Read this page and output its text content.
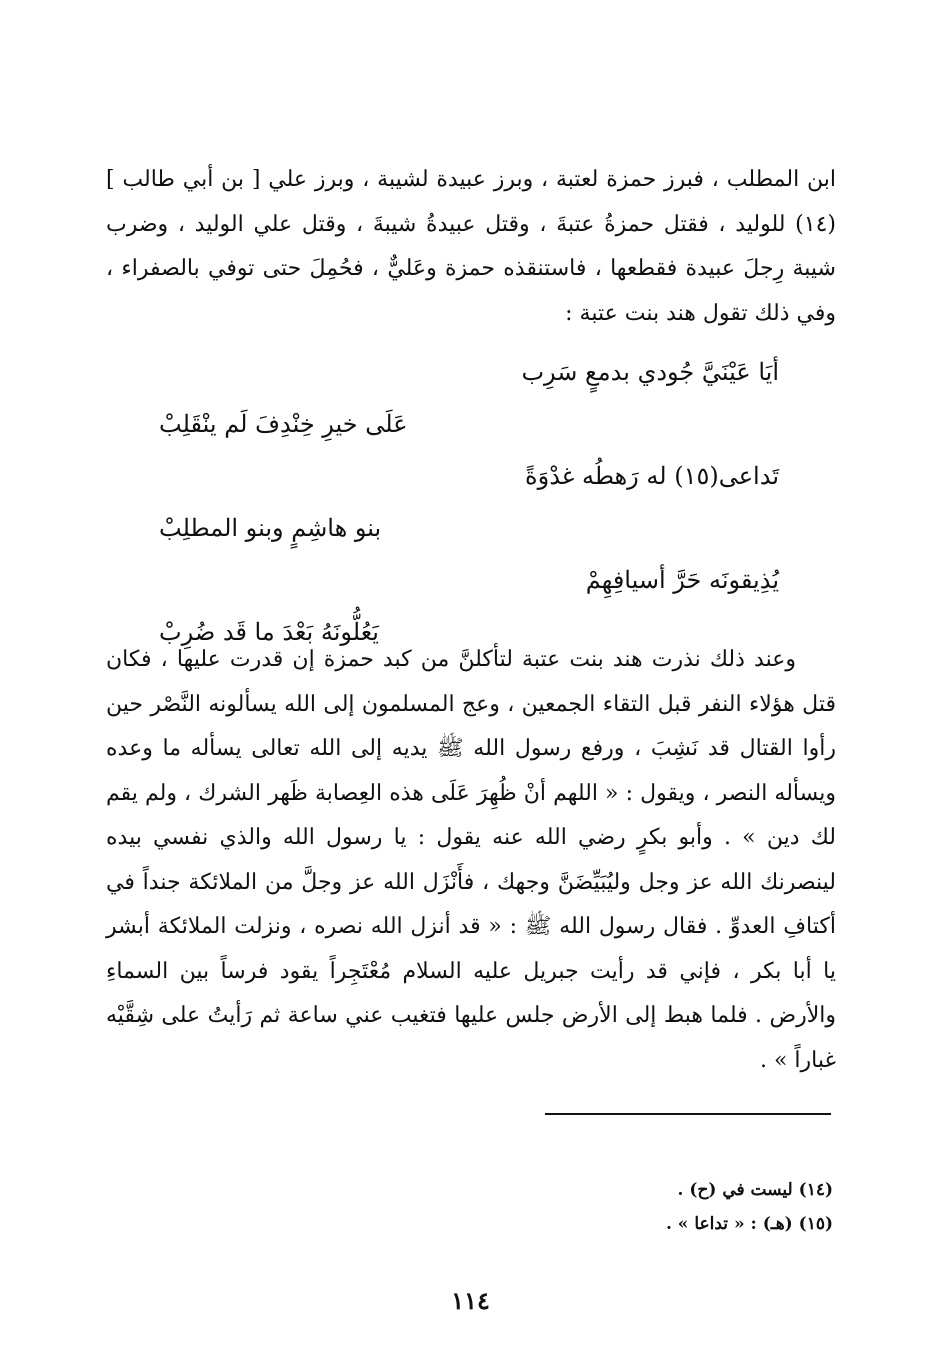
ابن المطلب ، فبرز حمزة لعتبة ، وبرز عبيدة لشيبة ، وبرز علي [ بن أبي طالب ](١٤) للوليد ، فقتل حمزةُ عتبةَ ، وقتل عبيدةُ شيبةَ ، وقتل علي الوليد ، وضرب شيبة رِجلَ عبيدة فقطعها ، فاستنقذه حمزة وعَليٌّ ، فحُمِلَ حتى توفي بالصفراء ، وفي ذلك تقول هند بنت عتبة :

أيَا عَيْنَيَّ جُودي بدمعٍ سَرِب
عَلَى خيرِ خِنْدِفَ لَم ينْقَلِبْ
تَداعى(١٥) له رَهطُه غدْوَةً
بنو هاشِمٍ وبنو المطلِبْ
يُذِيقونَه حَرَّ أسيافِهِمْ
يَعُلُّونَهُ بَعْدَ ما قَد ضُرِبْ

وعند ذلك نذرت هند بنت عتبة لتأكلنَّ من كبد حمزة إن قدرت عليها ، فكان قتل هؤلاء النفر قبل التقاء الجمعين ، وعج المسلمون إلى الله يسألونه النَّصْر حين رأوا القتال قد نَشِبَ ، ورفع رسول الله ﷺ يديه إلى الله تعالى يسأله ما وعده ويسأله النصر ، ويقول : « اللهم أنْ ظُهِرَ عَلَى هذه العِصابة ظَهر الشرك ، ولم يقم لك دين » . وأبو بكرٍ رضي الله عنه يقول : يا رسول الله والذي نفسي بيده لينصرنك الله عز وجل وليُبَيِّضَنَّ وجهك ، فأَنْزَل الله عز وجلَّ من الملائكة جنداً في أكتافِ العدوِّ . فقال رسول الله ﷺ : « قد أنزل الله نصره ، ونزلت الملائكة أبشر يا أبا بكر ، فإني قد رأيت جبريل عليه السلام مُعْتَجِراً يقود فرساً بين السماءِ والأرض . فلما هبط إلى الأرض جلس عليها فتغيب عني ساعة ثم رَأيتُ على شِقَّيْه غباراً » .

(١٤) ليست في (ح) .
(١٥) (هـ) : « تداعا » .
١١٤
